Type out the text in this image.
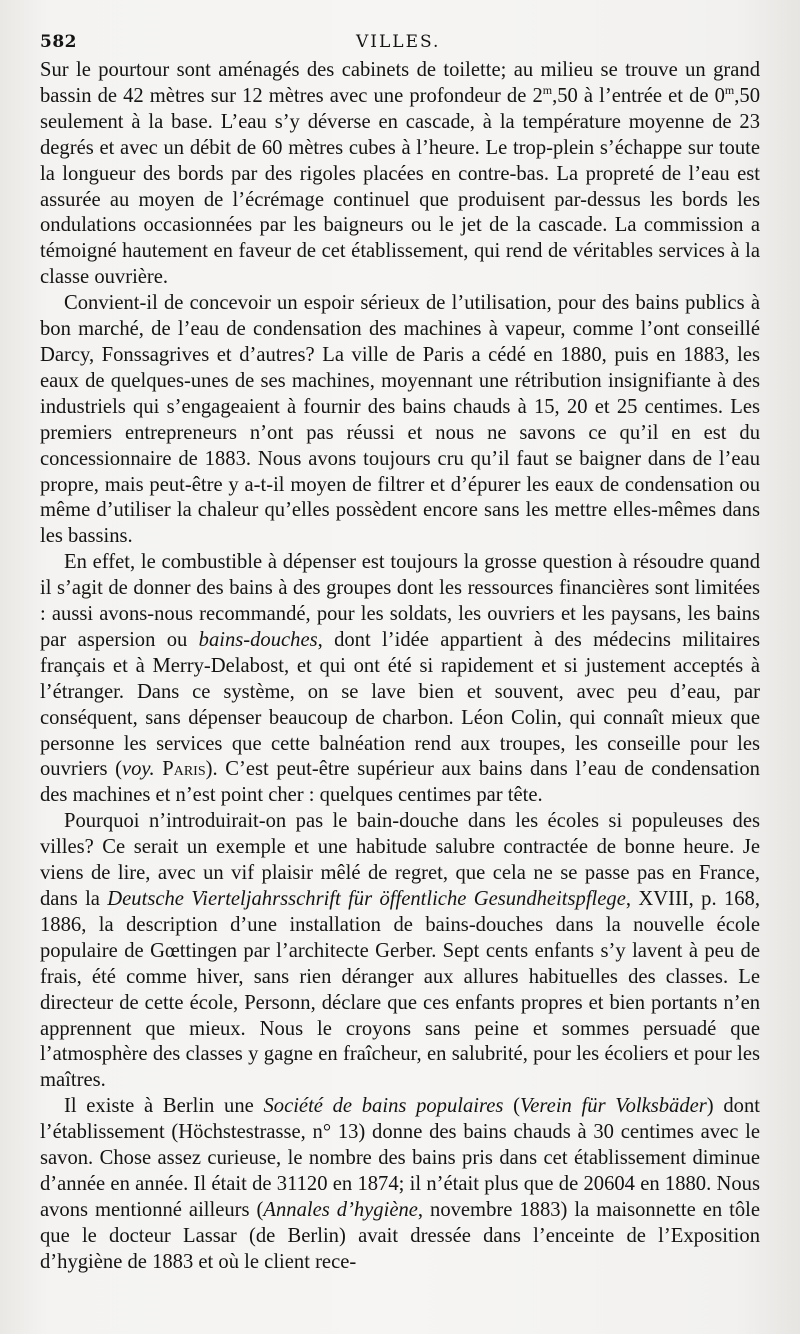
582	VILLES.

Sur le pourtour sont aménagés des cabinets de toilette; au milieu se trouve un grand bassin de 42 mètres sur 12 mètres avec une profondeur de 2$^m$,50 à l’entrée et de 0$^m$,50 seulement à la base. L’eau s’y déverse en cascade, à la température moyenne de 23 degrés et avec un débit de 60 mètres cubes à l’heure. Le trop-plein s’échappe sur toute la longueur des bords par des rigoles placées en contre-bas. La propreté de l’eau est assurée au moyen de l’écrémage continuel que produisent par-dessus les bords les ondulations occasionnées par les baigneurs ou le jet de la cascade. La commission a témoigné hautement en faveur de cet établissement, qui rend de véritables services à la classe ouvrière.

Convient-il de concevoir un espoir sérieux de l’utilisation, pour des bains publics à bon marché, de l’eau de condensation des machines à vapeur, comme l’ont conseillé Darcy, Fonssagrives et d’autres? La ville de Paris a cédé en 1880, puis en 1883, les eaux de quelques-unes de ses machines, moyennant une rétribution insignifiante à des industriels qui s’engageaient à fournir des bains chauds à 15, 20 et 25 centimes. Les premiers entrepreneurs n’ont pas réussi et nous ne savons ce qu’il en est du concessionnaire de 1883. Nous avons toujours cru qu’il faut se baigner dans de l’eau propre, mais peut-être y a-t-il moyen de filtrer et d’épurer les eaux de condensation ou même d’utiliser la chaleur qu’elles possèdent encore sans les mettre elles-mêmes dans les bassins.

En effet, le combustible à dépenser est toujours la grosse question à résoudre quand il s’agit de donner des bains à des groupes dont les ressources financières sont limitées : aussi avons-nous recommandé, pour les soldats, les ouvriers et les paysans, les bains par aspersion ou bains-douches, dont l’idée appartient à des médecins militaires français et à Merry-Delabost, et qui ont été si rapidement et si justement acceptés à l’étranger. Dans ce système, on se lave bien et souvent, avec peu d’eau, par conséquent, sans dépenser beaucoup de charbon. Léon Colin, qui connaît mieux que personne les services que cette balnéation rend aux troupes, les conseille pour les ouvriers (voy. Paris). C’est peut-être supérieur aux bains dans l’eau de condensation des machines et n’est point cher : quelques centimes par tête.

Pourquoi n’introduirait-on pas le bain-douche dans les écoles si populeuses des villes? Ce serait un exemple et une habitude salubre contractée de bonne heure. Je viens de lire, avec un vif plaisir mêlé de regret, que cela ne se passe pas en France, dans la Deutsche Vierteljahrsschrift für öffentliche Gesundheitspflege, XVIII, p. 168, 1886, la description d’une installation de bains-douches dans la nouvelle école populaire de Gœttingen par l’architecte Gerber. Sept cents enfants s’y lavent à peu de frais, été comme hiver, sans rien déranger aux allures habituelles des classes. Le directeur de cette école, Personn, déclare que ces enfants propres et bien portants n’en apprennent que mieux. Nous le croyons sans peine et sommes persuadé que l’atmosphère des classes y gagne en fraîcheur, en salubrité, pour les écoliers et pour les maîtres.

Il existe à Berlin une Société de bains populaires (Verein für Volksbäder) dont l’établissement (Höchstestrasse, n° 13) donne des bains chauds à 30 centimes avec le savon. Chose assez curieuse, le nombre des bains pris dans cet établissement diminue d’année en année. Il était de 31120 en 1874; il n’était plus que de 20604 en 1880. Nous avons mentionné ailleurs (Annales d’hygiène, novembre 1883) la maisonnette en tôle que le docteur Lassar (de Berlin) avait dressée dans l’enceinte de l’Exposition d’hygiène de 1883 et où le client rece-
